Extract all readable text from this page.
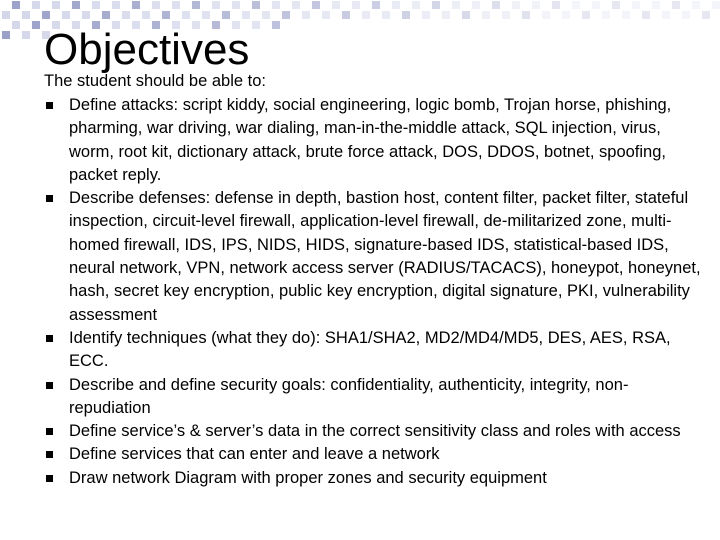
Objectives

The student should be able to:

Define attacks: script kiddy, social engineering, logic bomb, Trojan horse, phishing, pharming, war driving, war dialing, man-in-the-middle attack, SQL injection, virus, worm, root kit, dictionary attack, brute force attack, DOS, DDOS, botnet, spoofing, packet reply.
Describe defenses: defense in depth, bastion host, content filter, packet filter, stateful inspection, circuit-level firewall, application-level firewall, de-militarized zone, multi-homed firewall, IDS, IPS, NIDS, HIDS, signature-based IDS, statistical-based IDS, neural network, VPN, network access server (RADIUS/TACACS), honeypot, honeynet, hash, secret key encryption, public key encryption, digital signature, PKI, vulnerability assessment
Identify techniques (what they do): SHA1/SHA2, MD2/MD4/MD5, DES, AES, RSA, ECC.
Describe and define security goals: confidentiality, authenticity, integrity, non-repudiation
Define service’s & server’s data in the correct sensitivity class and roles with access
Define services that can enter and leave a network
Draw network Diagram with proper zones and security equipment
